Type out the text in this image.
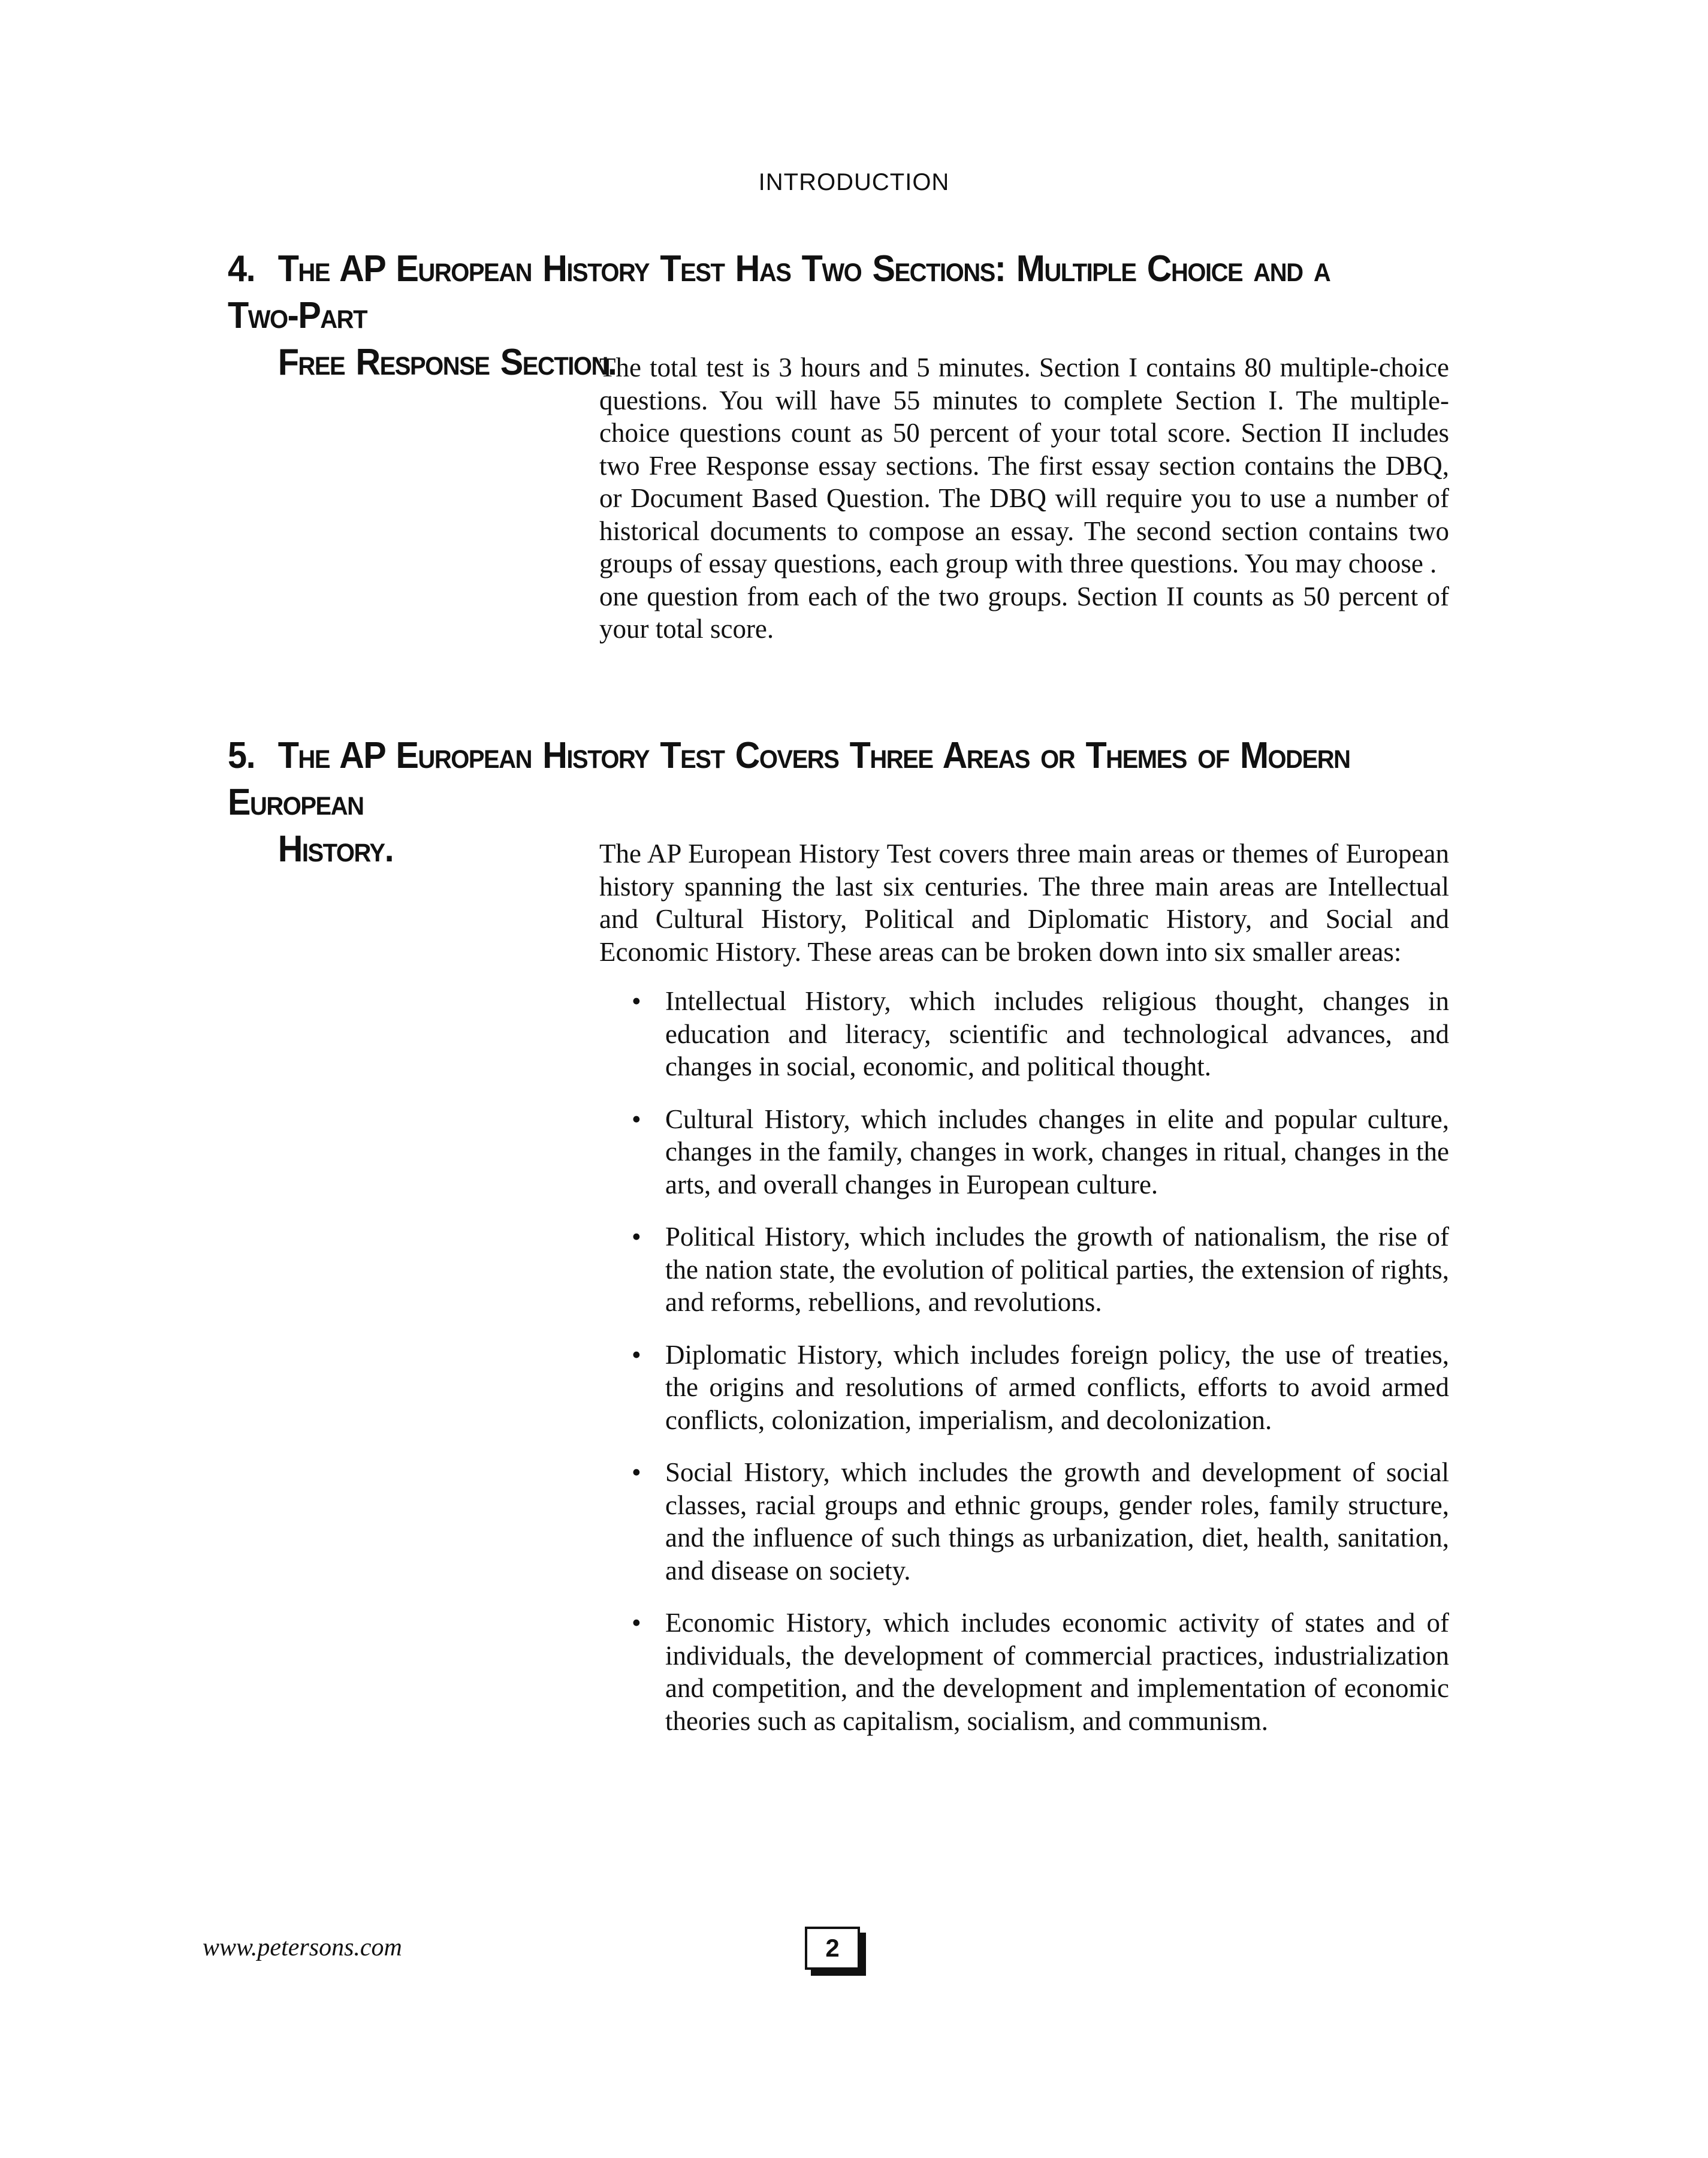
INTRODUCTION
4. The AP European History Test Has Two Sections: Multiple Choice and a Two-Part
Free Response Section.

The total test is 3 hours and 5 minutes. Section I contains 80 multiple-choice questions. You will have 55 minutes to complete Section I. The multiple-choice questions count as 50 percent of your total score. Section II includes two Free Response essay sections. The first essay section contains the DBQ, or Document Based Question. The DBQ will require you to use a number of historical documents to compose an essay. The second section contains two groups of essay questions, each group with three questions. You may choose .

one question from each of the two groups. Section II counts as 50 percent of your total score.

5. The AP European History Test Covers Three Areas or Themes of Modern European
History.	The AP European History Test covers three main areas or themes of European history spanning the last six centuries. The three main areas are Intellectual and Cultural History, Political and Diplomatic History, and Social and Economic History. These areas can be broken down into six smaller areas:

• Intellectual History, which includes religious thought, changes in education and literacy, scientific and technological advances, and changes in social, economic, and political thought.
• Cultural History, which includes changes in elite and popular culture, changes in the family, changes in work, changes in ritual, changes in the arts, and overall changes in European culture.
• Political History, which includes the growth of nationalism, the rise of the nation state, the evolution of political parties, the extension of rights, and reforms, rebellions, and revolutions.
• Diplomatic History, which includes foreign policy, the use of treaties, the origins and resolutions of armed conflicts, efforts to avoid armed conflicts, colonization, imperialism, and decolonization.
• Social History, which includes the growth and development of social classes, racial groups and ethnic groups, gender roles, family structure, and the influence of such things as urbanization, diet, health, sanitation, and disease on society.
• Economic History, which includes economic activity of states and of individuals, the development of commercial practices, industrialization and competition, and the development and implementation of economic theories such as capitalism, socialism, and communism.
www.petersons.com	2
